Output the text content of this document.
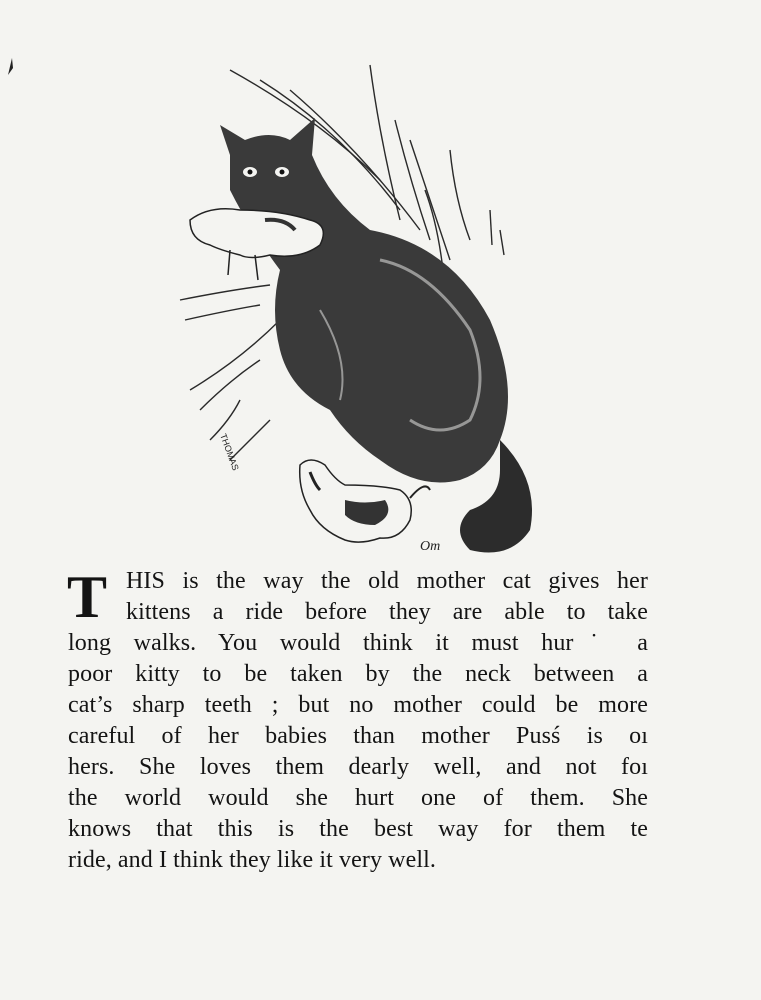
THOMAS
Om
T HIS is the way the old mother cat gives her
kittens a ride before they are able to take
long walks. You would think it must hur˙ a
poor kitty to be taken by the neck between a
cat’s sharp teeth ; but no mother could be more
careful of her babies than mother Pusś is oı
hers. She loves them dearly well, and not foı
the world would she hurt one of them. Shе
knows that this is the best way for them tе
ride, and I think they like it very well.
